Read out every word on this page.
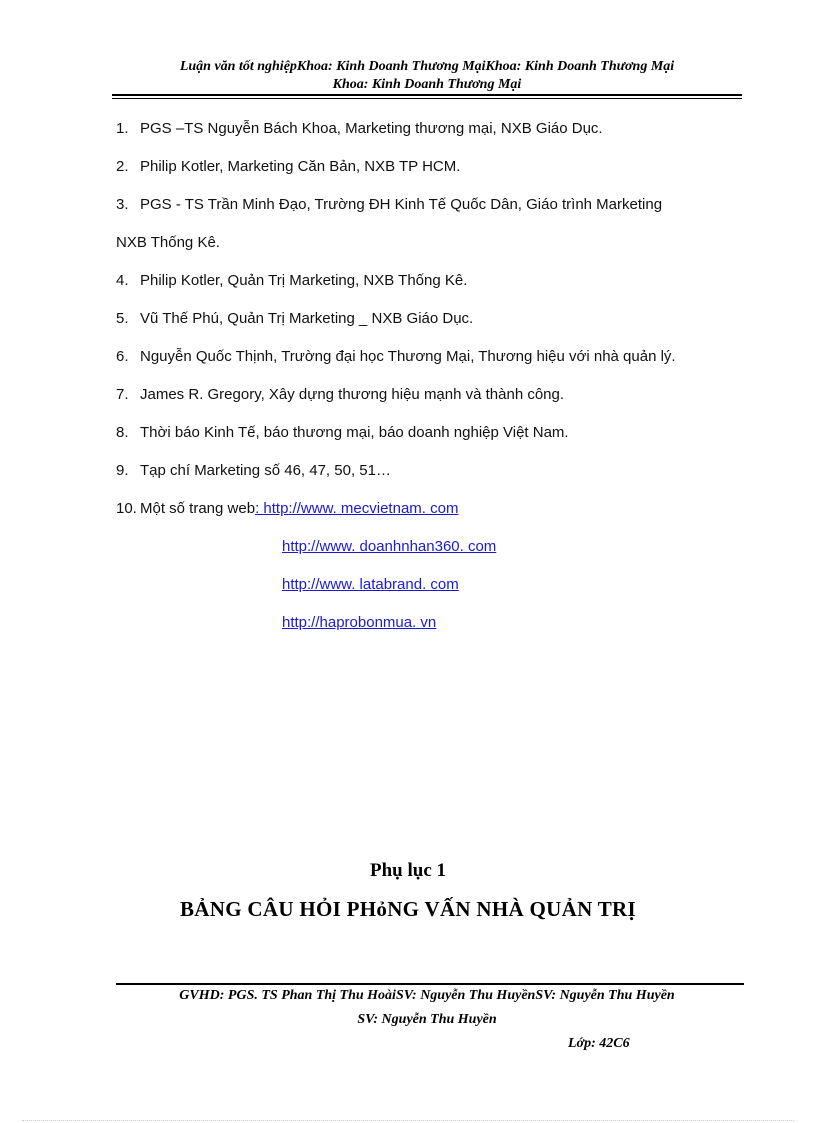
Luận văn tốt nghiệpKhoa: Kinh Doanh Thương MạiKhoa: Kinh Doanh Thương Mại
Khoa: Kinh Doanh Thương Mại
1. PGS –TS Nguyễn Bách Khoa, Marketing thương mại, NXB Giáo Dục.
2. Philip Kotler, Marketing Căn Bản, NXB TP HCM.
3. PGS - TS Trần Minh Đạo, Trường ĐH Kinh Tế Quốc Dân, Giáo trình Marketing
NXB Thống Kê.
4. Philip Kotler, Quản Trị Marketing, NXB Thống Kê.
5. Vũ Thế Phú, Quản Trị Marketing _ NXB Giáo Dục.
6. Nguyễn Quốc Thịnh, Trường đại học Thương Mại, Thương hiệu với nhà quản lý.
7. James R. Gregory, Xây dựng thương hiệu mạnh và thành công.
8. Thời báo Kinh Tế, báo thương mại, báo doanh nghiệp Việt Nam.
9. Tạp chí Marketing số 46, 47, 50, 51…
10. Một số trang web: http://www. mecvietnam. com
http://www. doanhnhan360. com
http://www. latabrand. com
http://haprobonmua. vn
Phụ lục 1
BẢNG CÂU HỎI PHỏNG VẤN NHÀ QUẢN TRỊ
GVHD: PGS. TS Phan Thị Thu HoàiSV: Nguyễn Thu HuyềnSV: Nguyễn Thu Huyền
SV: Nguyễn Thu Huyền
Lớp: 42C6
